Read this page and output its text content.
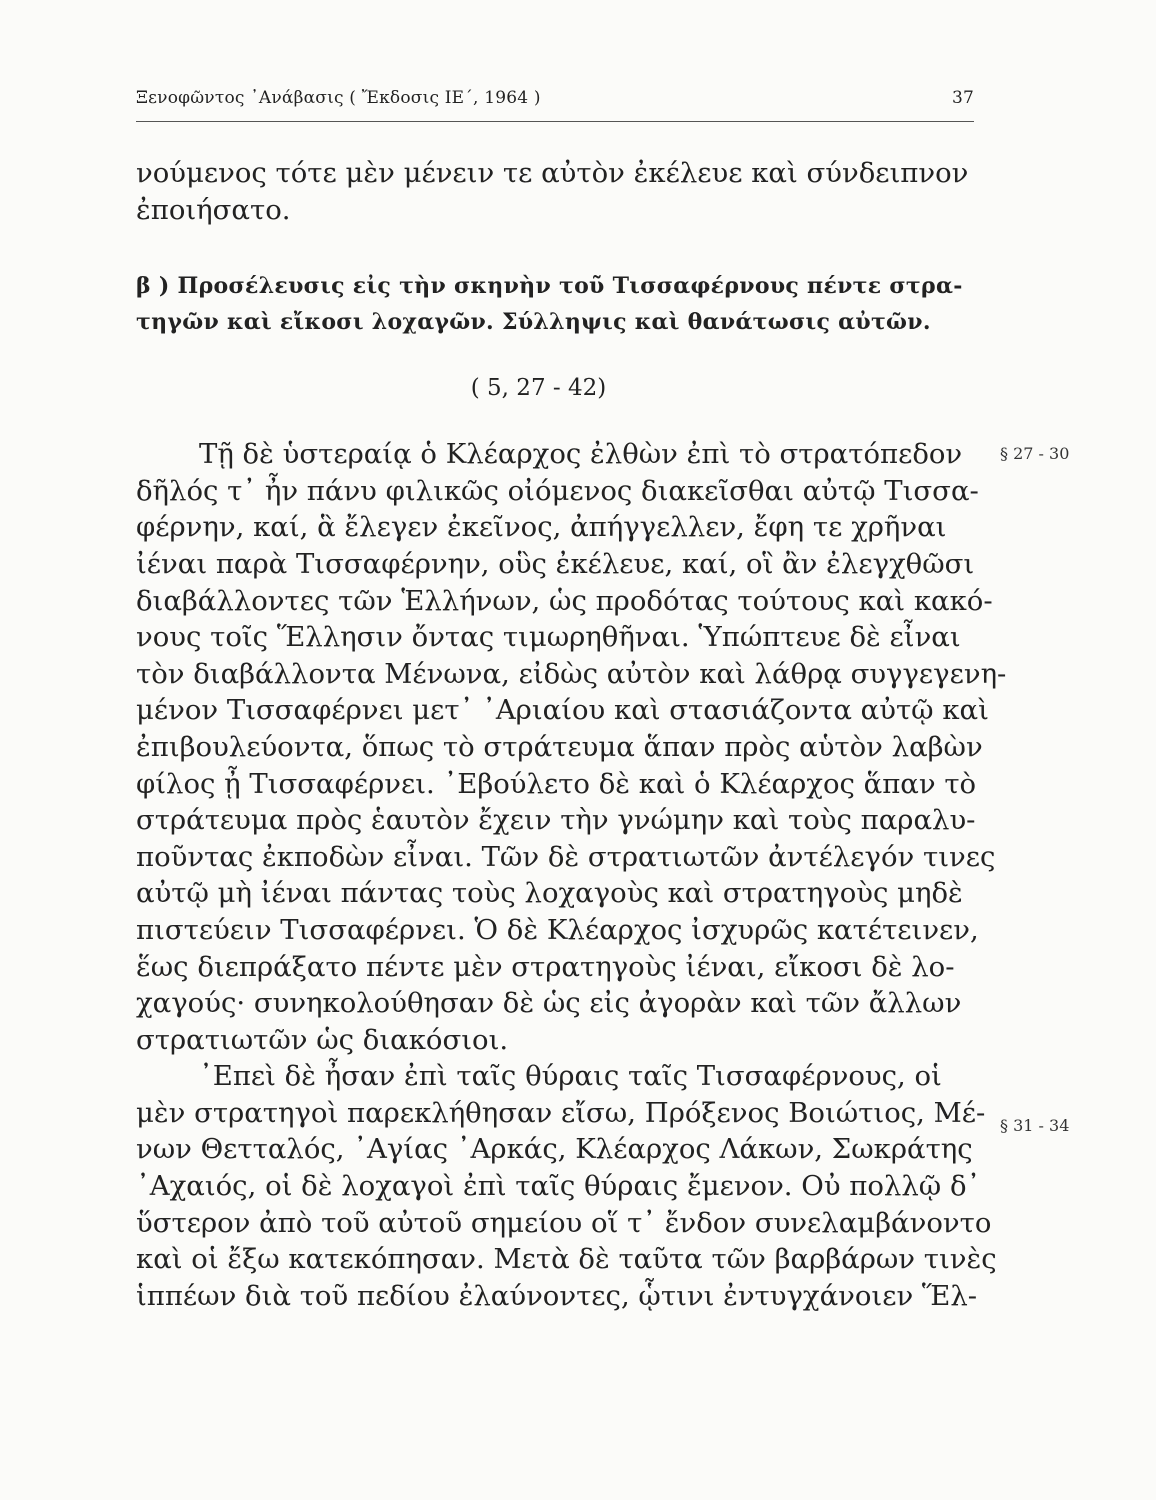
Ξενοφῶντος ᾿Ανάβασις ( Ἔκδοσις ΙΕ΄, 1964 )	37
νούμενος τότε μὲν μένειν τε αὐτὸν ἐκέλευε καὶ σύνδειπνον
ἐποιήσατο.
β ) Προσέλευσις εἰς τὴν σκηνὴν τοῦ Τισσαφέρνους πέντε στρα-
τηγῶν καὶ εἴκοσι λοχαγῶν. Σύλληψις καὶ θανάτωσις αὐτῶν.
( 5, 27 - 42)
Τῇ δὲ ὑστεραίᾳ ὁ Κλέαρχος ἐλθὼν ἐπὶ τὸ στρατόπεδον
δῆλός τ᾿ ἦν πάνυ φιλικῶς οἰόμενος διακεῖσθαι αὐτῷ Τισσα-
φέρνην, καί, ἃ ἔλεγεν ἐκεῖνος, ἀπήγγελλεν, ἔφη τε χρῆναι
ἰέναι παρὰ Τισσαφέρνην, οὓς ἐκέλευε, καί, οἳ ἂν ἐλεγχθῶσι
διαβάλλοντες τῶν Ἑλλήνων, ὡς προδότας τούτους καὶ κακό-
νους τοῖς Ἕλλησιν ὄντας τιμωρηθῆναι. Ὑπώπτευε δὲ εἶναι
τὸν διαβάλλοντα Μένωνα, εἰδὼς αὐτὸν καὶ λάθρᾳ συγγεγενη-
μένον Τισσαφέρνει μετ᾿ ᾿Αριαίου καὶ στασιάζοντα αὐτῷ καὶ
ἐπιβουλεύοντα, ὅπως τὸ στράτευμα ἅπαν πρὸς αὑτὸν λαβὼν
φίλος ᾖ Τισσαφέρνει. ᾿Εβούλετο δὲ καὶ ὁ Κλέαρχος ἅπαν τὸ
στράτευμα πρὸς ἑαυτὸν ἔχειν τὴν γνώμην καὶ τοὺς παραλυ-
ποῦντας ἐκποδὼν εἶναι. Τῶν δὲ στρατιωτῶν ἀντέλεγόν τινες
αὐτῷ μὴ ἰέναι πάντας τοὺς λοχαγοὺς καὶ στρατηγοὺς μηδὲ
πιστεύειν Τισσαφέρνει. Ὁ δὲ Κλέαρχος ἰσχυρῶς κατέτεινεν,
ἕως διεπράξατο πέντε μὲν στρατηγοὺς ἰέναι, εἴκοσι δὲ λο-
χαγούς· συνηκολούθησαν δὲ ὡς εἰς ἀγορὰν καὶ τῶν ἄλλων
στρατιωτῶν ὡς διακόσιοι.
᾿Επεὶ δὲ ἦσαν ἐπὶ ταῖς θύραις ταῖς Τισσαφέρνους, οἱ
μὲν στρατηγοὶ παρεκλήθησαν εἴσω, Πρόξενος Βοιώτιος, Μέ-
νων Θετταλός, ᾿Αγίας ᾿Αρκάς, Κλέαρχος Λάκων, Σωκράτης
᾿Αχαιός, οἱ δὲ λοχαγοὶ ἐπὶ ταῖς θύραις ἔμενον. Οὐ πολλῷ δ᾿
ὕστερον ἀπὸ τοῦ αὐτοῦ σημείου οἵ τ᾿ ἔνδον συνελαμβάνοντο
καὶ οἱ ἔξω κατεκόπησαν. Μετὰ δὲ ταῦτα τῶν βαρβάρων τινὲς
ἱππέων διὰ τοῦ πεδίου ἐλαύνοντες, ᾧτινι ἐντυγχάνοιεν Ἕλ-
§ 27 - 30
§ 31 - 34
